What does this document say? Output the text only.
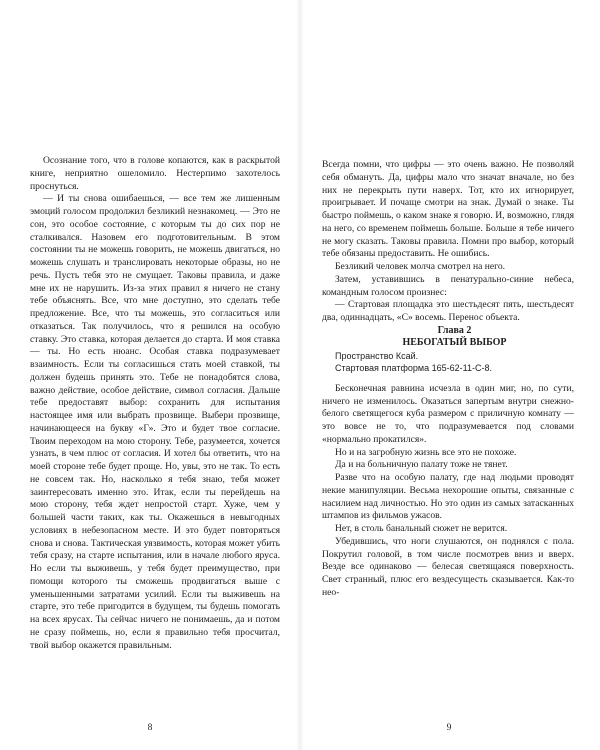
Осознание того, что в голове копаются, как в раскрытой книге, неприятно ошеломило. Нестерпимо захотелось проснуться.

— И ты снова ошибаешься, — все тем же лишенным эмоций голосом продолжил безликий незнакомец. — Это не сон, это особое состояние, с которым ты до сих пор не сталкивался. Назовем его подготовительным. В этом состоянии ты не можешь говорить, не можешь двигаться, но можешь слушать и транслировать некоторые образы, но не речь. Пусть тебя это не смущает. Таковы правила, и даже мне их не нарушить. Из-за этих правил я ничего не стану тебе объяснять. Все, что мне доступно, это сделать тебе предложение. Все, что ты можешь, это согласиться или отказаться. Так получилось, что я решился на особую ставку. Это ставка, которая делается до старта. И моя ставка — ты. Но есть нюанс. Особая ставка подразумевает взаимность. Если ты согласишься стать моей ставкой, ты должен будешь принять это. Тебе не понадобятся слова, важно действие, особое действие, символ согласия. Дальше тебе предоставят выбор: сохранить для испытания настоящее имя или выбрать прозвище. Выбери прозвище, начинающееся на букву «Г». Это и будет твое согласие. Твоим переходом на мою сторону. Тебе, разумеется, хочется узнать, в чем плюс от согласия. И хотел бы ответить, что на моей стороне тебе будет проще. Но, увы, это не так. То есть не совсем так. Но, насколько я тебя знаю, тебя может заинтересовать именно это. Итак, если ты перейдешь на мою сторону, тебя ждет непростой старт. Хуже, чем у большей части таких, как ты. Окажешься в невыгодных условиях в небезопасном месте. И это будет повторяться снова и снова. Тактическая уязвимость, которая может убить тебя сразу, на старте испытания, или в начале любого яруса. Но если ты выживешь, у тебя будет преимущество, при помощи которого ты сможешь продвигаться выше с уменьшенными затратами усилий. Если ты выживешь на старте, это тебе пригодится в будущем, ты будешь помогать на всех ярусах. Ты сейчас ничего не понимаешь, да и потом не сразу поймешь, но, если я правильно тебя просчитал, твой выбор окажется правильным.

8

Всегда помни, что цифры — это очень важно. Не позволяй себя обмануть. Да, цифры мало что значат вначале, но без них не перекрыть пути наверх. Тот, кто их игнорирует, проигрывает. И почаще смотри на знак. Думай о знаке. Ты быстро поймешь, о каком знаке я говорю. И, возможно, глядя на него, со временем поймешь больше. Больше я тебе ничего не могу сказать. Таковы правила. Помни про выбор, который тебе обязаны предоставить. Не ошибись.

Безликий человек молча смотрел на него.

Затем, уставившись в пенатурально-синие небеса, командным голосом произнес:

— Стартовая площадка это шестьдесят пять, шестьдесят два, одиннадцать, «С» восемь. Перенос объекта.

Глава 2

НЕБОГАТЫЙ ВЫБОР

Пространство Ксай.

Стартовая платформа 165-62-11-С-8.

Бесконечная равнина исчезла в один миг, но, по сути, ничего не изменилось. Оказаться запертым внутри снежно-белого светящегося куба размером с приличную комнату — это вовсе не то, что подразумевается под словами «нормально прокатился».

Но и на загробную жизнь все это не похоже.

Да и на больничную палату тоже не тянет.

Разве что на особую палату, где над людьми проводят некие манипуляции. Весьма нехорошие опыты, связанные с насилием над личностью. Но это один из самых затасканных штампов из фильмов ужасов.

Нет, в столь банальный сюжет не верится.

Убедившись, что ноги слушаются, он поднялся с пола. Покрутил головой, в том числе посмотрев вниз и вверх. Везде все одинаково — белесая светящаяся поверхность. Свет странный, плюс его вездесущесть сказывается. Как-то нео-

9
